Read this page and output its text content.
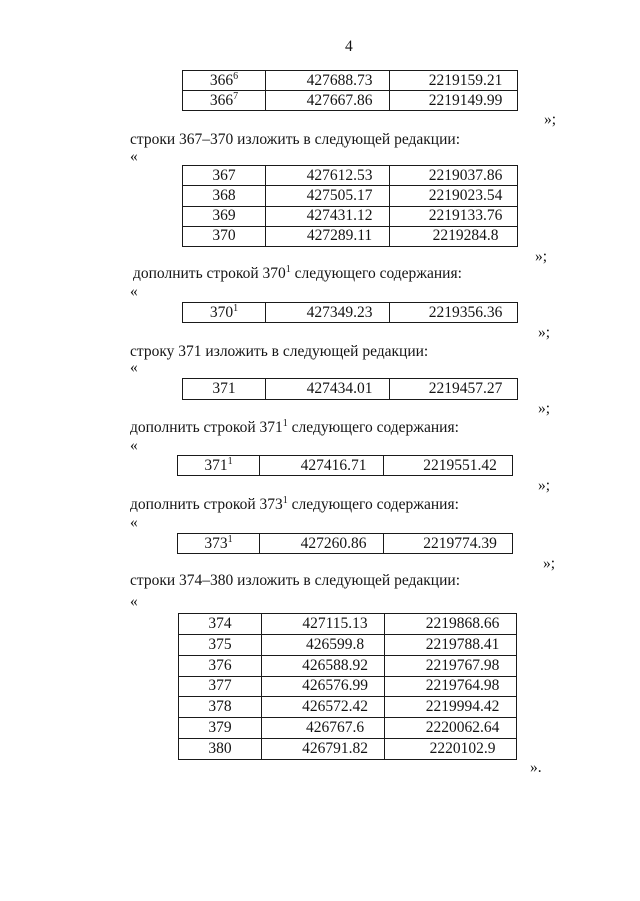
4
$366^6$	427688.73	2219159.21
$366^7$	427667.86	2219149.99
»;
строки 367–370 изложить в следующей редакции:
«
367	427612.53	2219037.86
368	427505.17	2219023.54
369	427431.12	2219133.76
370	427289.11	2219284.8
»;
дополнить строкой $370^1$ следующего содержания:
«
$370^1$	427349.23	2219356.36
»;
строку 371 изложить в следующей редакции:
«
371	427434.01	2219457.27
»;
дополнить строкой $371^1$ следующего содержания:
«
$371^1$	427416.71	2219551.42
»;
дополнить строкой $373^1$ следующего содержания:
«
$373^1$	427260.86	2219774.39
»;
строки 374–380 изложить в следующей редакции:
«
374	427115.13	2219868.66
375	426599.8	2219788.41
376	426588.92	2219767.98
377	426576.99	2219764.98
378	426572.42	2219994.42
379	426767.6	2220062.64
380	426791.82	2220102.9
».
